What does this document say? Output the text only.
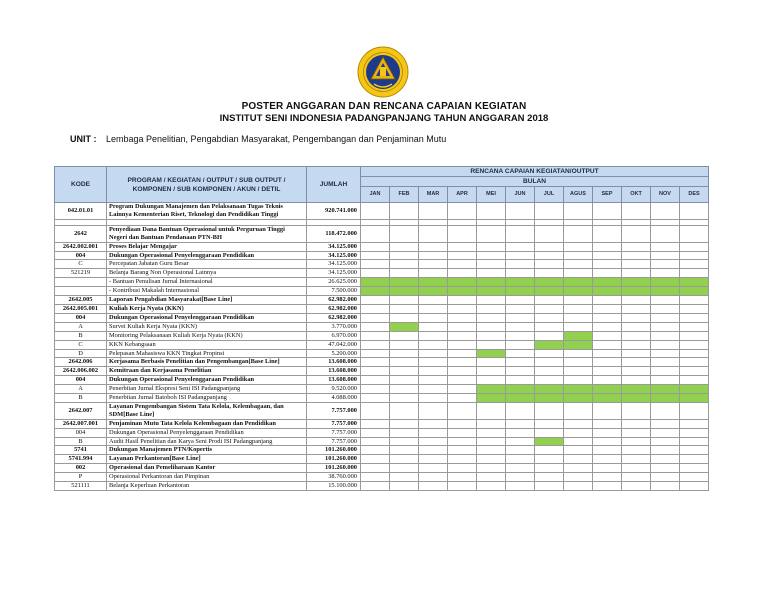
POSTER ANGGARAN DAN RENCANA CAPAIAN KEGIATAN
INSTITUT SENI INDONESIA PADANGPANJANG TAHUN ANGGARAN 2018
UNIT : Lembaga Penelitian, Pengabdian Masyarakat, Pengembangan dan Penjaminan Mutu
KODE	PROGRAM / KEGIATAN / OUTPUT / SUB OUTPUT / KOMPONEN / SUB KOMPONEN / AKUN / DETIL	JUMLAH	RENCANA CAPAIAN KEGIATAN/OUTPUT											
			BULAN											
			JAN	FEB	MAR	APR	MEI	JUN	JUL	AGUS	SEP	OKT	NOV	DES
042.01.01	Program Dukungan Manajemen dan Pelaksanaan Tugas Teknis Lainnya Kementerian Riset, Teknologi dan Pendidikan Tinggi	920.741.000												

2642	Penyediaan Dana Bantuan Operasional untuk Perguruan Tinggi Negeri dan Bantuan Pendanaan PTN-BH	118.472.000												
2642.002.001	Proses Belajar Mengajar	34.125.000												
004	Dukungan Operasional Penyelenggaraan Pendidikan	34.125.000												
C	Percepatan Jabatan Guru Besar	34.125.000												
521219	Belanja Barang Non Operasional Lainnya	34.125.000												
	- Bantuan Penulisan Jurnal Internasional	26.625.000												
	- Kontribusi Makalah Internasional	7.500.000												
2642.005	Laporan Pengabdian Masyarakat[Base Line]	62.982.000												
2642.005.001	Kuliah Kerja Nyata (KKN)	62.982.000												
004	Dukungan Operasional Penyelenggaraan Pendidikan	62.982.000												
A	Survei Kuliah Kerja Nyata (KKN)	3.770.000												
B	Monitoring Pelaksanaan Kuliah Kerja Nyata (KKN)	6.970.000												
C	KKN Kebangsaan	47.042.000												
D	Pelepasan Mahasiswa KKN Tingkat Propinsi	5.200.000												
2642.006	Kerjasama Berbasis Penelitian dan Pengembangan[Base Line]	13.608.000												
2642.006.002	Kemitraan dan Kerjasama Penelitian	13.608.000												
004	Dukungan Operasional Penyelenggaraan Pendidikan	13.608.000												
A	Penerbitan Jurnal Ekspresi Seni ISI Padangpanjang	9.520.000												
B	Penerbitan Jurnal Batoboh ISI Padangpanjang	4.088.000												
2642.007	Layanan Pengembangan Sistem Tata Kelola, Kelembagaan, dan SDM[Base Line]	7.757.000												
2642.007.001	Penjaminan Mutu Tata Kelola Kelembagaan dan Pendidikan	7.757.000												
004	Dukungan Operasional Penyelenggaraan Pendidikan	7.757.000												
B	Audit Hasil Penelitian dan Karya Seni Prodi ISI Padangpanjang	7.757.000												
5741	Dukungan Manajemen PTN/Kopertis	101.260.000												
5741.994	Layanan Perkantoran[Base Line]	101.260.000												
002	Operasional dan Pemeliharaan Kantor	101.260.000												
P	Operasional Perkantoran dan Pimpinan	38.760.000												
521111	Belanja Keperluan Perkantoran	15.100.000												
